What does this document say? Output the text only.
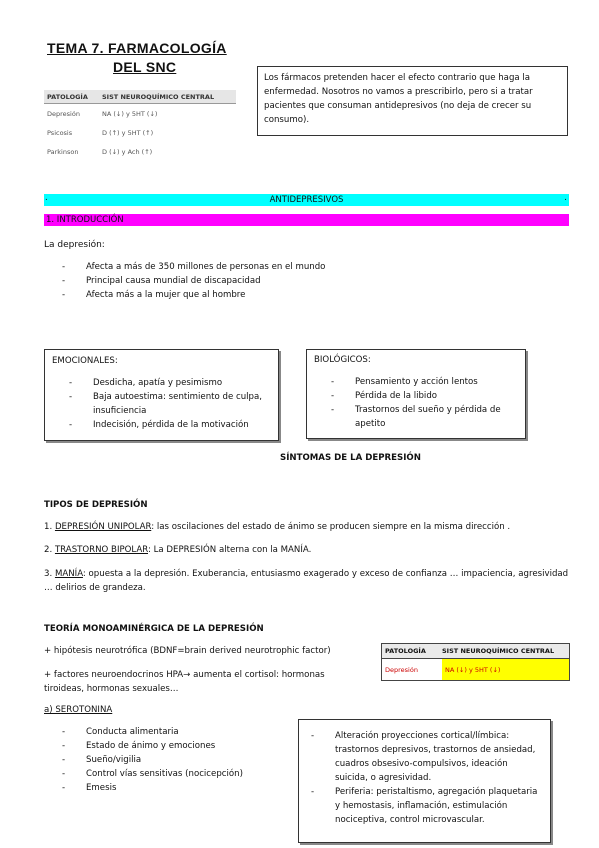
TEMA 7. FARMACOLOGÍA
DEL SNC
PATOLOGÍA	SIST NEUROQUÍMICO CENTRAL
Depresión	NA (↓) y 5HT (↓)
Psicosis	D (↑) y 5HT (↑)
Parkinson	D (↓) y Ach (↑)
Los fármacos pretenden hacer el efecto contrario que haga la enfermedad. Nosotros no vamos a prescribirlo, pero si a tratar pacientes que consuman antidepresivos (no deja de crecer su consumo).
.	ANTIDEPRESIVOS	.
1. INTRODUCCIÓN
La depresión:
- Afecta a más de 350 millones de personas en el mundo
- Principal causa mundial de discapacidad
- Afecta más a la mujer que al hombre
EMOCIONALES:
- Desdicha, apatía y pesimismo
- Baja autoestima: sentimiento de culpa, insuficiencia
- Indecisión, pérdida de la motivación
BIOLÓGICOS:
- Pensamiento y acción lentos
- Pérdida de la libido
- Trastornos del sueño y pérdida de apetito
SÍNTOMAS DE LA DEPRESIÓN
TIPOS DE DEPRESIÓN
1. DEPRESIÓN UNIPOLAR: las oscilaciones del estado de ánimo se producen siempre en la misma dirección .
2. TRASTORNO BIPOLAR: La DEPRESIÓN alterna con la MANÍA.
3. MANÍA: opuesta a la depresión. Exuberancia, entusiasmo exagerado y exceso de confianza … impaciencia, agresividad … delirios de grandeza.
TEORÍA MONOAMINÉRGICA DE LA DEPRESIÓN
+ hipótesis neurotrófica (BDNF=brain derived neurotrophic factor)
+ factores neuroendocrinos HPA→ aumenta el cortisol: hormonas tiroideas, hormonas sexuales…
PATOLOGÍA	SIST NEUROQUÍMICO CENTRAL
Depresión	NA (↓) y 5HT (↓)
a) SEROTONINA
- Conducta alimentaria
- Estado de ánimo y emociones
- Sueño/vigilia
- Control vías sensitivas (nocicepción)
- Emesis
- Alteración proyecciones cortical/límbica: trastornos depresivos, trastornos de ansiedad, cuadros obsesivo-compulsivos, ideación suicida, o agresividad.
- Periferia: peristaltismo, agregación plaquetaria y hemostasis, inflamación, estimulación nociceptiva, control microvascular.
